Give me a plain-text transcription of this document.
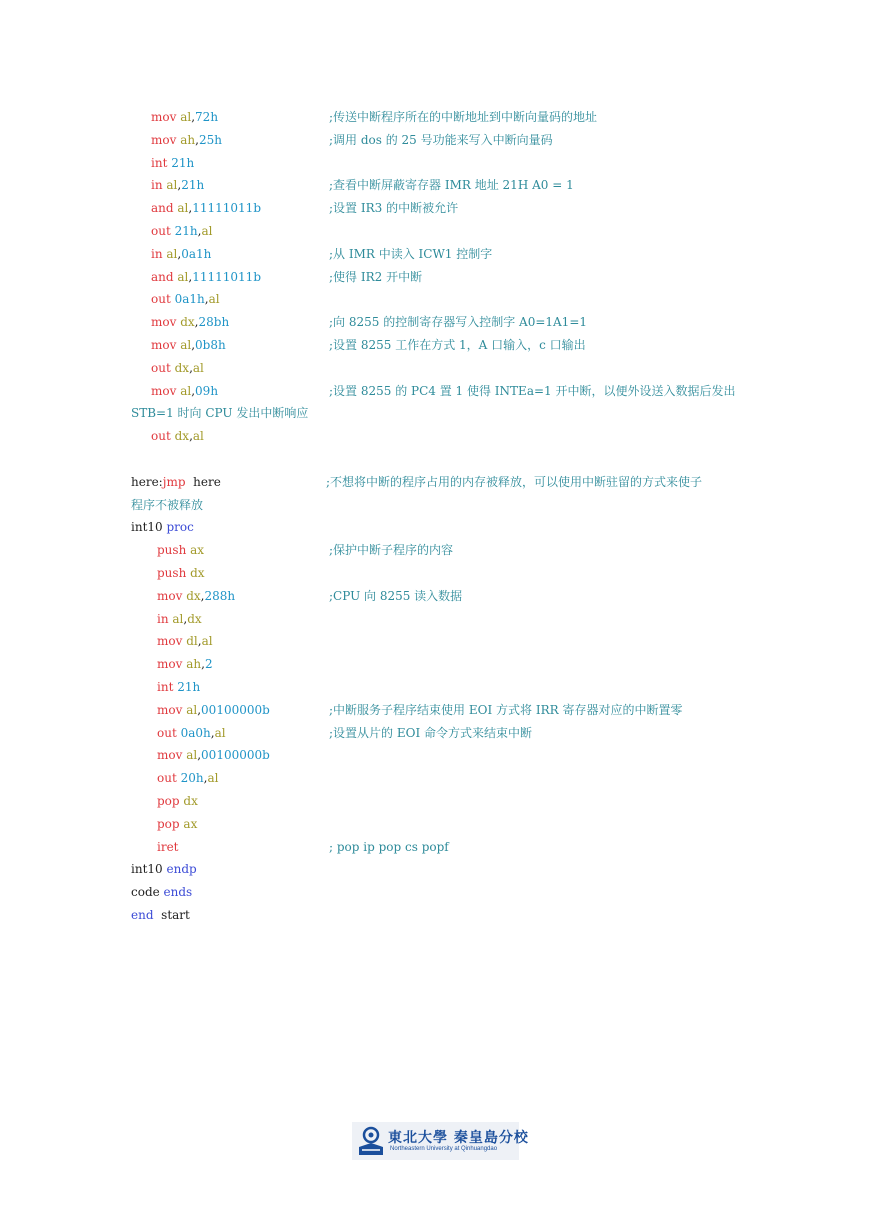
mov al,72h	;传送中断程序所在的中断地址到中断向量码的地址
mov ah,25h	;调用 dos 的 25 号功能来写入中断向量码
int 21h
in al,21h	;查看中断屏蔽寄存器 IMR 地址 21H A0 = 1
and al,11111011b	;设置 IR3 的中断被允许
out 21h,al
in al,0a1h	;从 IMR 中读入 ICW1 控制字
and al,11111011b	;使得 IR2 开中断
out 0a1h,al
mov dx,28bh	;向 8255 的控制寄存器写入控制字 A0=1A1=1
mov al,0b8h	;设置 8255 工作在方式 1，A 口输入，c 口输出
out dx,al
mov al,09h	;设置 8255 的 PC4 置 1 使得 INTEa=1 开中断，以便外设送入数据后发出
STB=1 时向 CPU 发出中断响应
out dx,al
here:jmp  here	;不想将中断的程序占用的内存被释放，可以使用中断驻留的方式来使子
程序不被释放
int10 proc
push ax	;保护中断子程序的内容
push dx
mov dx,288h	;CPU 向 8255 读入数据
in al,dx
mov dl,al
mov ah,2
int 21h
mov al,00100000b	;中断服务子程序结束使用 EOI 方式将 IRR 寄存器对应的中断置零
out 0a0h,al	;设置从片的 EOI 命令方式来结束中断
mov al,00100000b
out 20h,al
pop dx
pop ax
iret	; pop ip pop cs popf
int10 endp
code ends
end  start
東北大學 秦皇島分校
Northeastern University at Qinhuangdao
